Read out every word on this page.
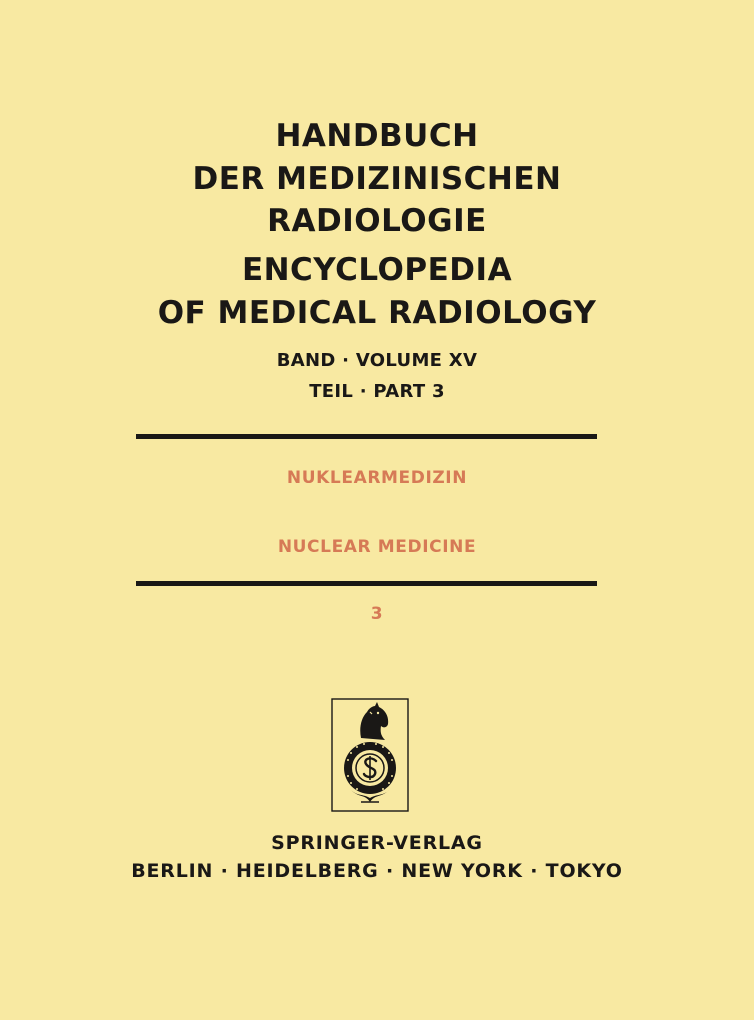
HANDBUCH
DER MEDIZINISCHEN
RADIOLOGIE
ENCYCLOPEDIA
OF MEDICAL RADIOLOGY
BAND · VOLUME XV
TEIL · PART 3
NUKLEARMEDIZIN
NUCLEAR MEDICINE
3
SPRINGER-VERLAG
BERLIN · HEIDELBERG · NEW YORK · TOKYO
